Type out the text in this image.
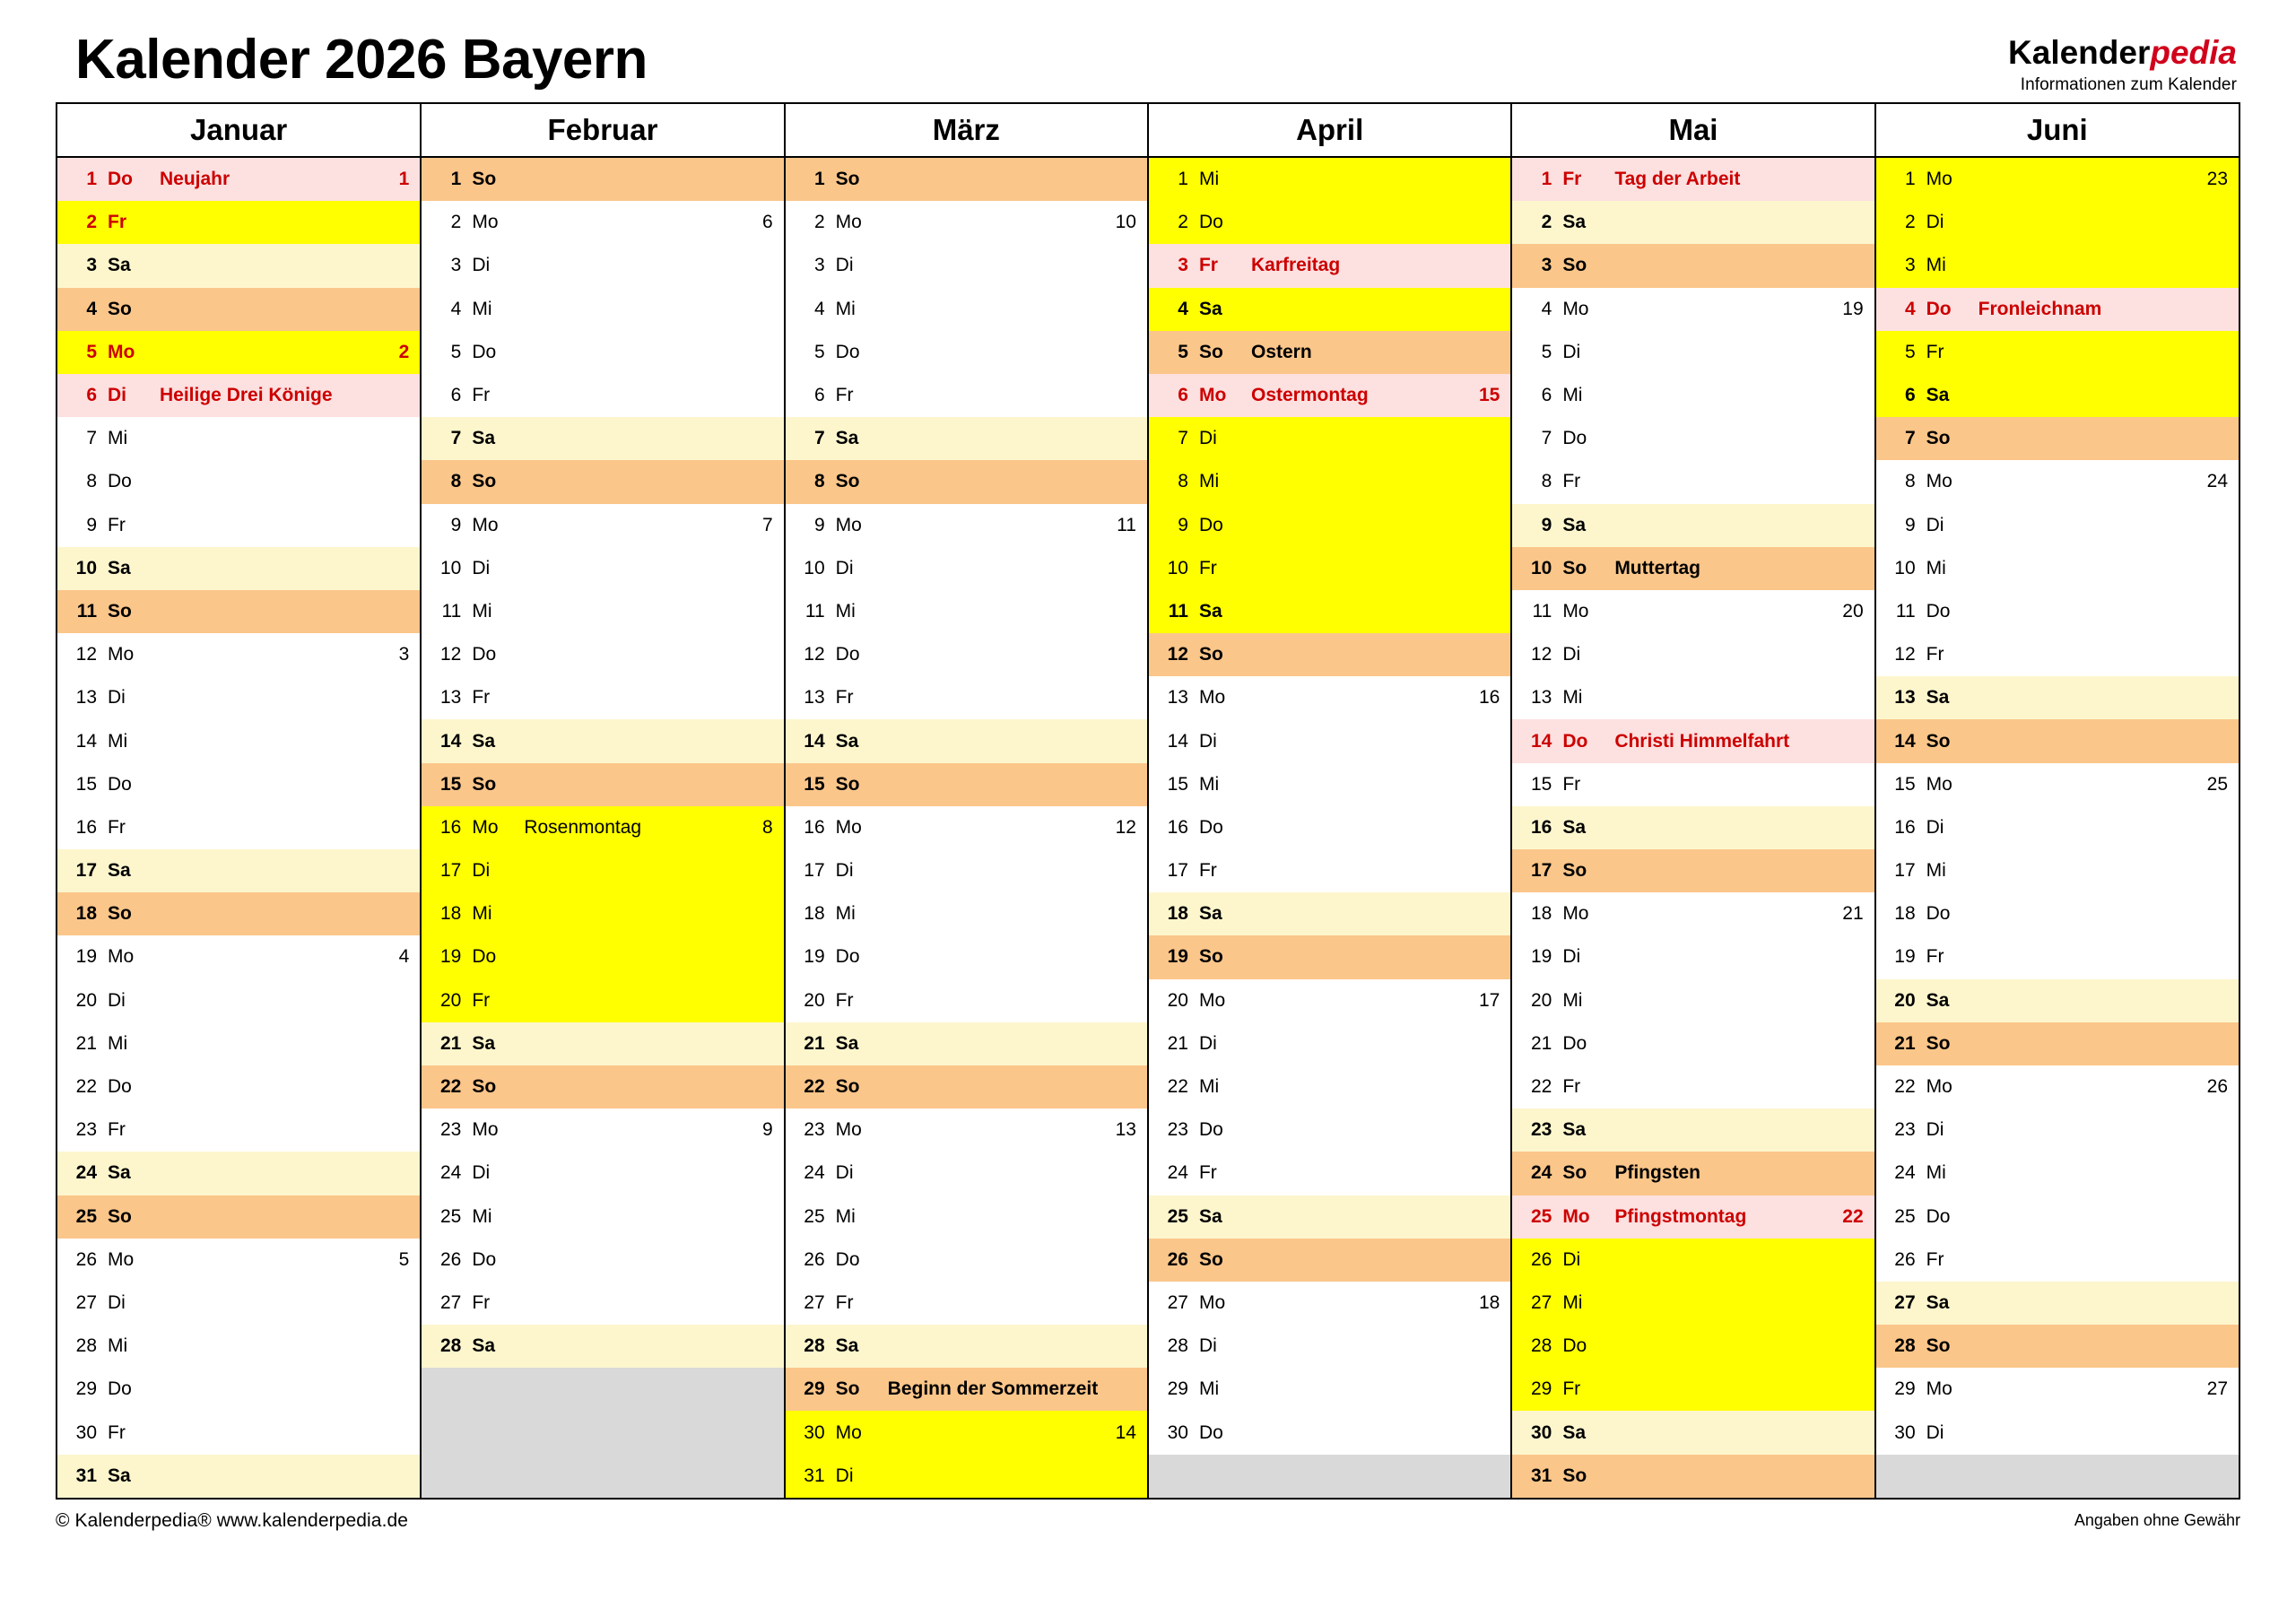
Kalender 2026 Bayern	Kalenderpedia
Informationen zum Kalender
Januar	Februar	März	April	Mai	Juni

1 Do	Neujahr	1
2 Fr
3 Sa
4 So
5 Mo	2
6 Di	Heilige Drei Könige
7 Mi
8 Do
9 Fr
10 Sa
11 So
12 Mo	3
13 Di
14 Mi
15 Do
16 Fr
17 Sa
18 So
19 Mo	4
20 Di
21 Mi
22 Do
23 Fr
24 Sa
25 So
26 Mo	5
27 Di
28 Mi
29 Do
30 Fr
31 Sa

1 So
2 Mo	6
3 Di
4 Mi
5 Do
6 Fr
7 Sa
8 So
9 Mo	7
10 Di
11 Mi
12 Do
13 Fr
14 Sa
15 So
16 Mo	Rosenmontag	8
17 Di
18 Mi
19 Do
20 Fr
21 Sa
22 So
23 Mo	9
24 Di
25 Mi
26 Do
27 Fr
28 Sa

1 So
2 Mo	10
3 Di
4 Mi
5 Do
6 Fr
7 Sa
8 So
9 Mo	11
10 Di
11 Mi
12 Do
13 Fr
14 Sa
15 So
16 Mo	12
17 Di
18 Mi
19 Do
20 Fr
21 Sa
22 So
23 Mo	13
24 Di
25 Mi
26 Do
27 Fr
28 Sa
29 So	Beginn der Sommerzeit
30 Mo	14
31 Di

1 Mi
2 Do
3 Fr	Karfreitag
4 Sa
5 So	Ostern
6 Mo	Ostermontag	15
7 Di
8 Mi
9 Do
10 Fr
11 Sa
12 So
13 Mo	16
14 Di
15 Mi
16 Do
17 Fr
18 Sa
19 So
20 Mo	17
21 Di
22 Mi
23 Do
24 Fr
25 Sa
26 So
27 Mo	18
28 Di
29 Mi
30 Do

1 Fr	Tag der Arbeit
2 Sa
3 So
4 Mo	19
5 Di
6 Mi
7 Do
8 Fr
9 Sa
10 So	Muttertag
11 Mo	20
12 Di
13 Mi
14 Do	Christi Himmelfahrt
15 Fr
16 Sa
17 So
18 Mo	21
19 Di
20 Mi
21 Do
22 Fr
23 Sa
24 So	Pfingsten
25 Mo	Pfingstmontag	22
26 Di
27 Mi
28 Do
29 Fr
30 Sa
31 So

1 Mo	23
2 Di
3 Mi
4 Do	Fronleichnam
5 Fr
6 Sa
7 So
8 Mo	24
9 Di
10 Mi
11 Do
12 Fr
13 Sa
14 So
15 Mo	25
16 Di
17 Mi
18 Do
19 Fr
20 Sa
21 So
22 Mo	26
23 Di
24 Mi
25 Do
26 Fr
27 Sa
28 So
29 Mo	27
30 Di
© Kalenderpedia® www.kalenderpedia.de	Angaben ohne Gewähr
